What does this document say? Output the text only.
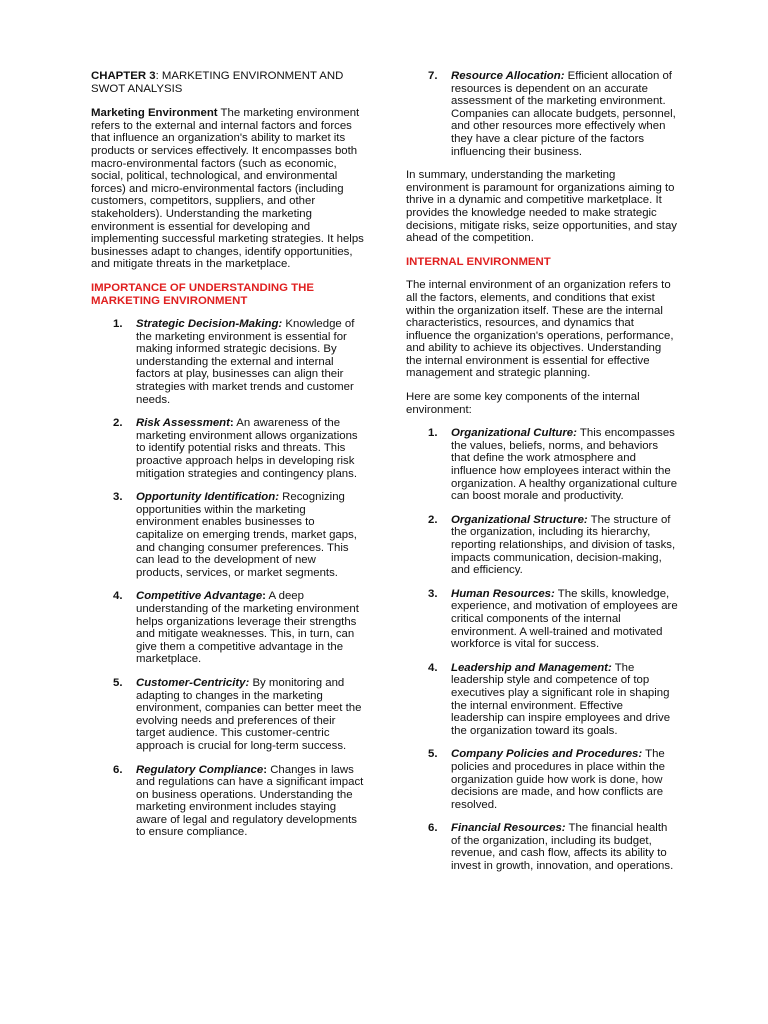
CHAPTER 3: MARKETING ENVIRONMENT AND SWOT ANALYSIS

Marketing Environment The marketing environment refers to the external and internal factors and forces that influence an organization's ability to market its products or services effectively. It encompasses both macro-environmental factors (such as economic, social, political, technological, and environmental forces) and micro-environmental factors (including customers, competitors, suppliers, and other stakeholders). Understanding the marketing environment is essential for developing and implementing successful marketing strategies. It helps businesses adapt to changes, identify opportunities, and mitigate threats in the marketplace.

IMPORTANCE OF UNDERSTANDING THE MARKETING ENVIRONMENT

1. Strategic Decision-Making: Knowledge of the marketing environment is essential for making informed strategic decisions. By understanding the external and internal factors at play, businesses can align their strategies with market trends and customer needs.
2. Risk Assessment: An awareness of the marketing environment allows organizations to identify potential risks and threats. This proactive approach helps in developing risk mitigation strategies and contingency plans.
3. Opportunity Identification: Recognizing opportunities within the marketing environment enables businesses to capitalize on emerging trends, market gaps, and changing consumer preferences. This can lead to the development of new products, services, or market segments.
4. Competitive Advantage: A deep understanding of the marketing environment helps organizations leverage their strengths and mitigate weaknesses. This, in turn, can give them a competitive advantage in the marketplace.
5. Customer-Centricity: By monitoring and adapting to changes in the marketing environment, companies can better meet the evolving needs and preferences of their target audience. This customer-centric approach is crucial for long-term success.
6. Regulatory Compliance: Changes in laws and regulations can have a significant impact on business operations. Understanding the marketing environment includes staying aware of legal and regulatory developments to ensure compliance.
7. Resource Allocation: Efficient allocation of resources is dependent on an accurate assessment of the marketing environment. Companies can allocate budgets, personnel, and other resources more effectively when they have a clear picture of the factors influencing their business.

In summary, understanding the marketing environment is paramount for organizations aiming to thrive in a dynamic and competitive marketplace. It provides the knowledge needed to make strategic decisions, mitigate risks, seize opportunities, and stay ahead of the competition.

INTERNAL ENVIRONMENT

The internal environment of an organization refers to all the factors, elements, and conditions that exist within the organization itself. These are the internal characteristics, resources, and dynamics that influence the organization's operations, performance, and ability to achieve its objectives. Understanding the internal environment is essential for effective management and strategic planning.

Here are some key components of the internal environment:

1. Organizational Culture: This encompasses the values, beliefs, norms, and behaviors that define the work atmosphere and influence how employees interact within the organization. A healthy organizational culture can boost morale and productivity.
2. Organizational Structure: The structure of the organization, including its hierarchy, reporting relationships, and division of tasks, impacts communication, decision-making, and efficiency.
3. Human Resources: The skills, knowledge, experience, and motivation of employees are critical components of the internal environment. A well-trained and motivated workforce is vital for success.
4. Leadership and Management: The leadership style and competence of top executives play a significant role in shaping the internal environment. Effective leadership can inspire employees and drive the organization toward its goals.
5. Company Policies and Procedures: The policies and procedures in place within the organization guide how work is done, how decisions are made, and how conflicts are resolved.
6. Financial Resources: The financial health of the organization, including its budget, revenue, and cash flow, affects its ability to invest in growth, innovation, and operations.
